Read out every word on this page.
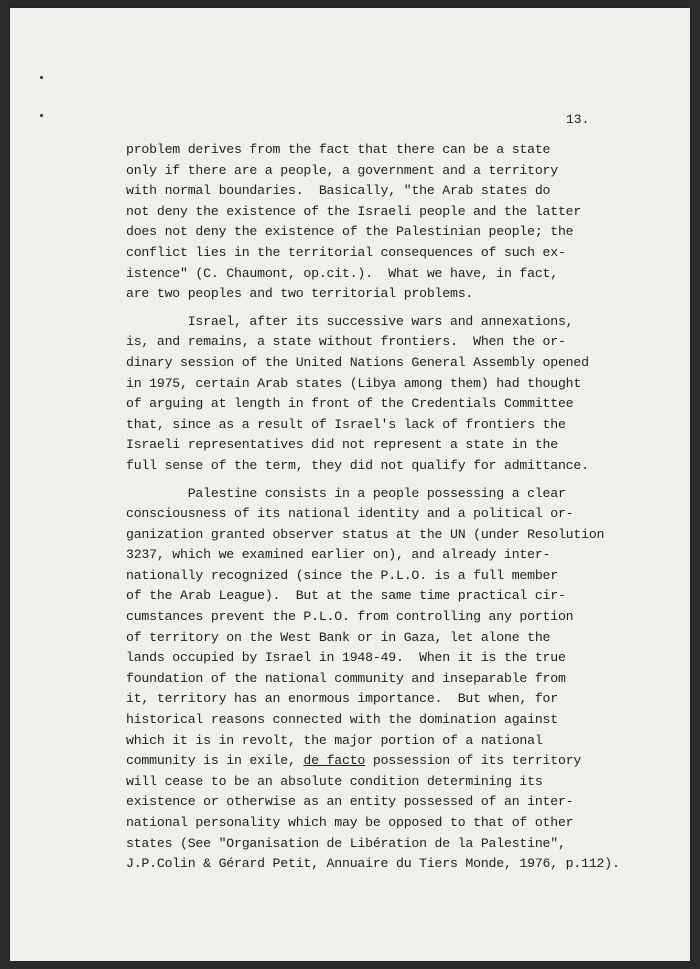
13.
problem derives from the fact that there can be a state
only if there are a people, a government and a territory
with normal boundaries.  Basically, "the Arab states do
not deny the existence of the Israeli people and the latter
does not deny the existence of the Palestinian people; the
conflict lies in the territorial consequences of such ex-
istence" (C. Chaumont, op.cit.).  What we have, in fact,
are two peoples and two territorial problems.
Israel, after its successive wars and annexations,
is, and remains, a state without frontiers.  When the or-
dinary session of the United Nations General Assembly opened
in 1975, certain Arab states (Libya among them) had thought
of arguing at length in front of the Credentials Committee
that, since as a result of Israel's lack of frontiers the
Israeli representatives did not represent a state in the
full sense of the term, they did not qualify for admittance.
Palestine consists in a people possessing a clear
consciousness of its national identity and a political or-
ganization granted observer status at the UN (under Resolution
3237, which we examined earlier on), and already inter-
nationally recognized (since the P.L.O. is a full member
of the Arab League).  But at the same time practical cir-
cumstances prevent the P.L.O. from controlling any portion
of territory on the West Bank or in Gaza, let alone the
lands occupied by Israel in 1948-49.  When it is the true
foundation of the national community and inseparable from
it, territory has an enormous importance.  But when, for
historical reasons connected with the domination against
which it is in revolt, the major portion of a national
community is in exile, de facto possession of its territory
will cease to be an absolute condition determining its
existence or otherwise as an entity possessed of an inter-
national personality which may be opposed to that of other
states (See "Organisation de Libération de la Palestine",
J.P.Colin & Gérard Petit, Annuaire du Tiers Monde, 1976, p.112).
